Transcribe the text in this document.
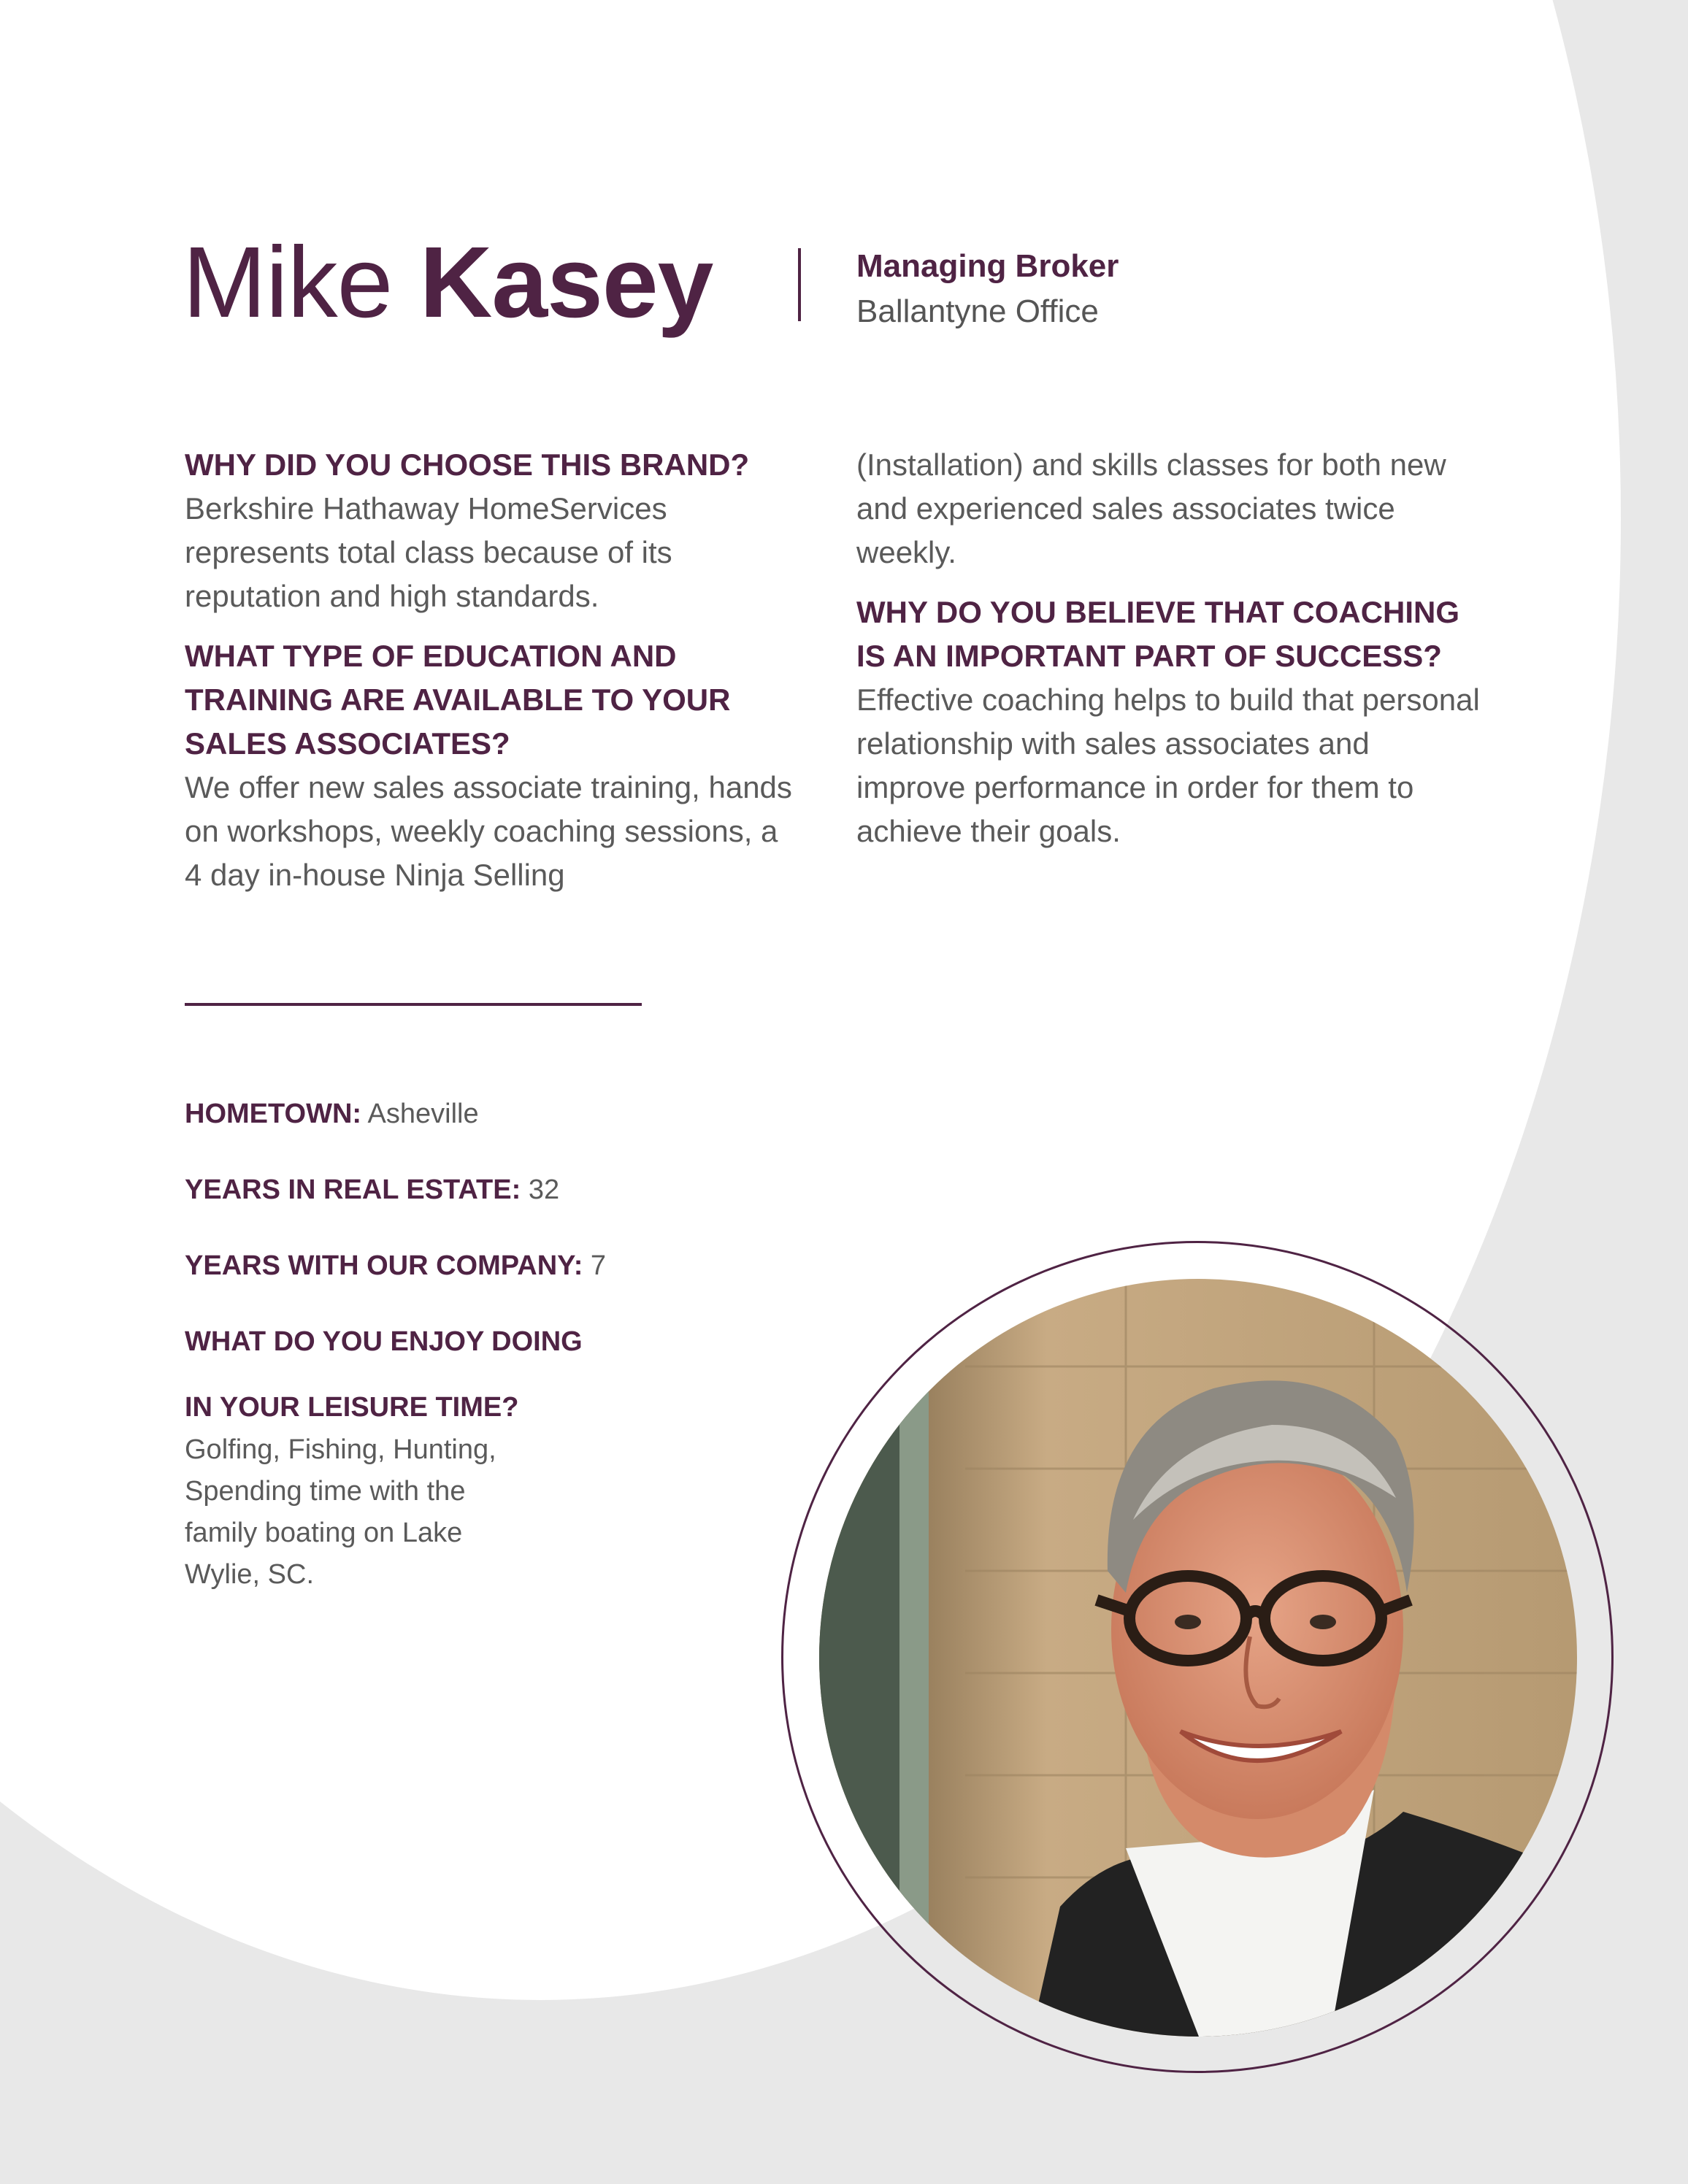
Mike Kasey	Managing Broker
Ballantyne Office

WHY DID YOU CHOOSE THIS BRAND?

Berkshire Hathaway HomeServices represents total class because of its reputation and high standards.

WHAT TYPE OF EDUCATION AND TRAINING ARE AVAILABLE TO YOUR SALES ASSOCIATES?

We offer new sales associate training, hands on workshops, weekly coaching sessions, a 4 day in-house Ninja Selling

(Installation) and skills classes for both new and experienced sales associates twice weekly.

WHY DO YOU BELIEVE THAT COACHING IS AN IMPORTANT PART OF SUCCESS?

Effective coaching helps to build that personal relationship with sales associates and improve performance in order for them to achieve their goals.

HOMETOWN: Asheville

YEARS IN REAL ESTATE: 32

YEARS WITH OUR COMPANY: 7

WHAT DO YOU ENJOY DOING

IN YOUR LEISURE TIME?

Golfing, Fishing, Hunting,
Spending time with the
family boating on Lake
Wylie, SC.
